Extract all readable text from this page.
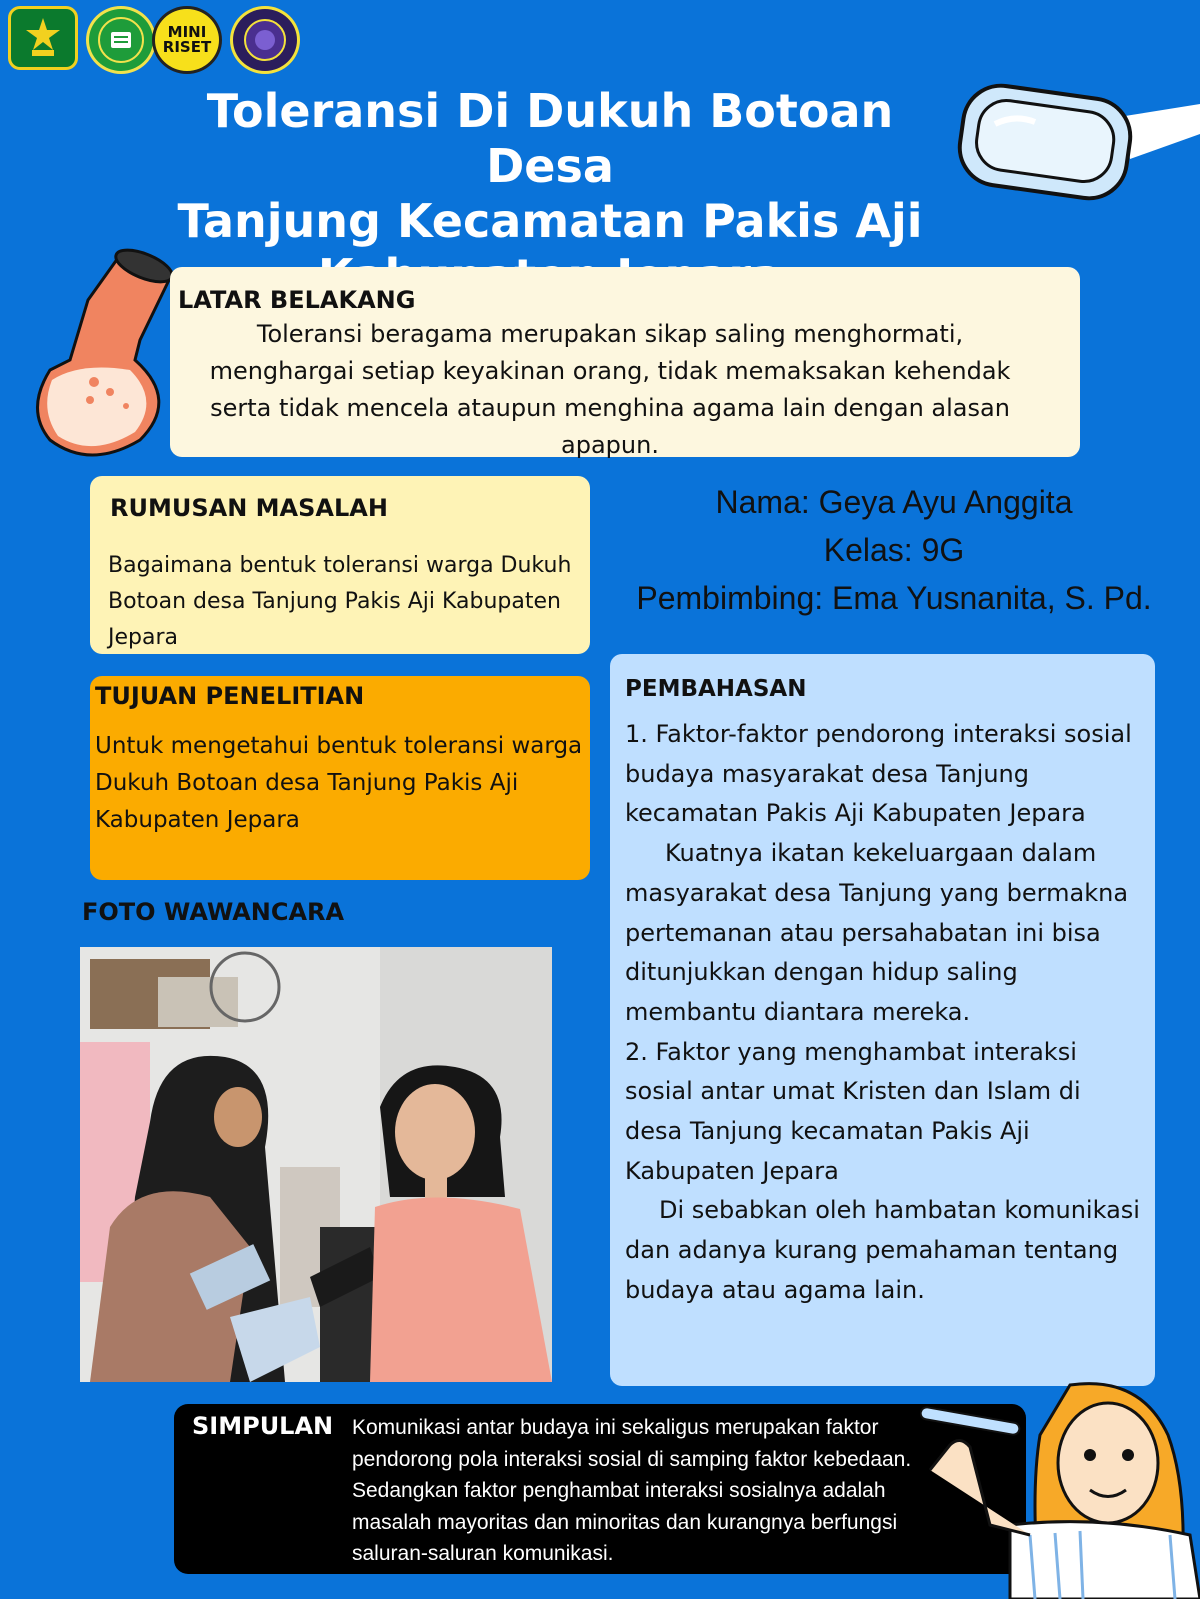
MINI RISET
Toleransi Di Dukuh Botoan Desa
Tanjung Kecamatan Pakis Aji
LATAR BELAKANG
Toleransi beragama merupakan sikap saling menghormati, menghargai setiap keyakinan orang, tidak memaksakan kehendak serta tidak mencela ataupun menghina agama lain dengan alasan apapun.
RUMUSAN MASALAH
Bagaimana bentuk toleransi warga Dukuh Botoan desa Tanjung Pakis Aji Kabupaten Jepara
Nama: Geya Ayu Anggita
Kelas: 9G
Pembimbing: Ema Yusnanita, S. Pd.
TUJUAN PENELITIAN
Untuk mengetahui bentuk toleransi warga Dukuh Botoan desa Tanjung Pakis Aji Kabupaten Jepara
PEMBAHASAN

1. Faktor-faktor pendorong interaksi sosial budaya masyarakat desa Tanjung kecamatan Pakis Aji Kabupaten Jepara

Kuatnya ikatan kekeluargaan dalam masyarakat desa Tanjung yang bermakna pertemanan atau persahabatan ini bisa ditunjukkan dengan hidup saling membantu diantara mereka.

2. Faktor yang menghambat interaksi sosial antar umat Kristen dan Islam di desa Tanjung kecamatan Pakis Aji Kabupaten Jepara

Di sebabkan oleh hambatan komunikasi dan adanya kurang pemahaman tentang budaya atau agama lain.

FOTO WAWANCARA
SIMPULAN Komunikasi antar budaya ini sekaligus merupakan faktor pendorong pola interaksi sosial di samping faktor kebedaan. Sedangkan faktor penghambat interaksi sosialnya adalah masalah mayoritas dan minoritas dan kurangnya berfungsi saluran-saluran komunikasi.
